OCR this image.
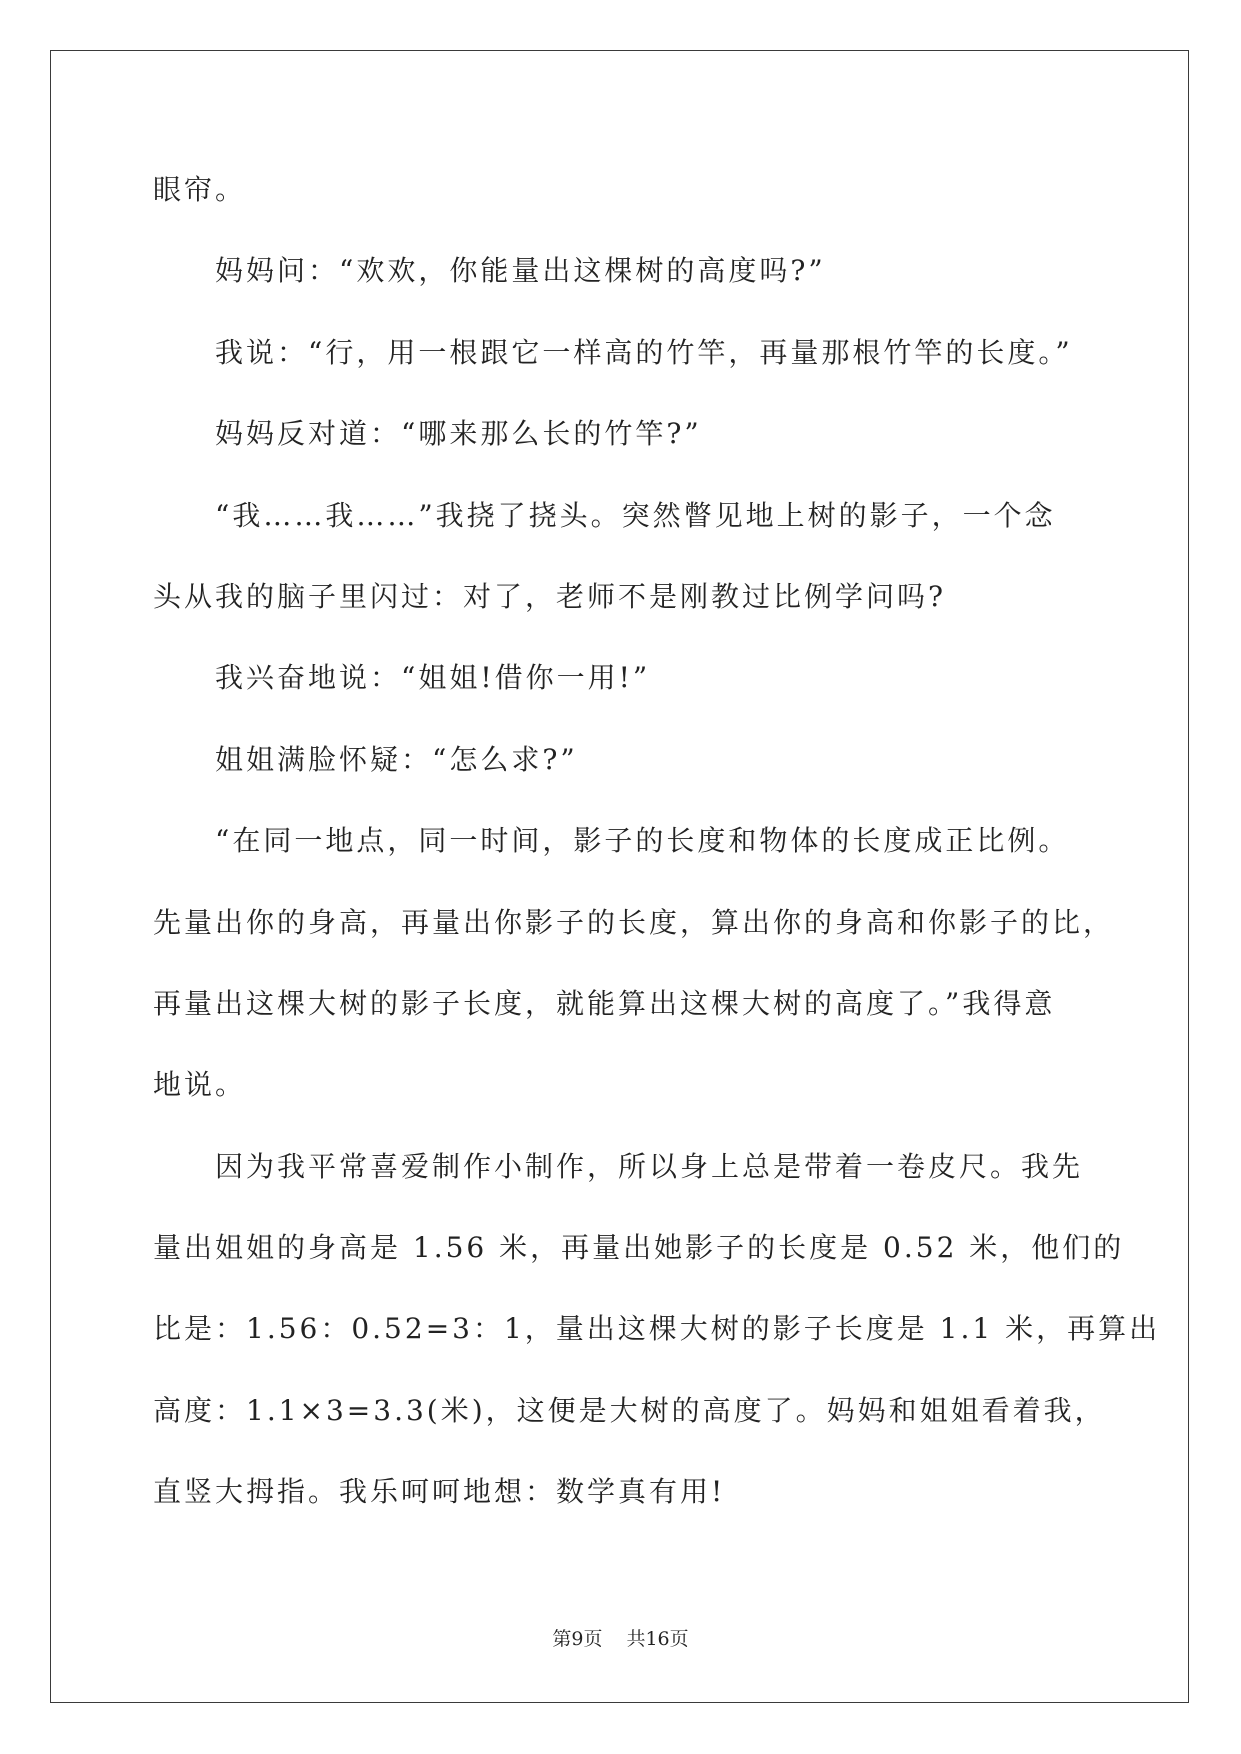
眼帘。

妈妈问：“欢欢，你能量出这棵树的高度吗?”

我说：“行，用一根跟它一样高的竹竿，再量那根竹竿的长度。”

妈妈反对道：“哪来那么长的竹竿?”

“我……我……”我挠了挠头。突然瞥见地上树的影子，一个念
头从我的脑子里闪过：对了，老师不是刚教过比例学问吗?

我兴奋地说：“姐姐!借你一用!”

姐姐满脸怀疑：“怎么求?”

“在同一地点，同一时间，影子的长度和物体的长度成正比例。
先量出你的身高，再量出你影子的长度，算出你的身高和你影子的比，
再量出这棵大树的影子长度，就能算出这棵大树的高度了。”我得意
地说。

因为我平常喜爱制作小制作，所以身上总是带着一卷皮尺。我先
量出姐姐的身高是 1.56 米，再量出她影子的长度是 0.52 米，他们的
比是：1.56：0.52=3：1，量出这棵大树的影子长度是 1.1 米，再算出
高度：1.1×3=3.3(米)，这便是大树的高度了。妈妈和姐姐看着我，
直竖大拇指。我乐呵呵地想：数学真有用!

第9页 共16页
